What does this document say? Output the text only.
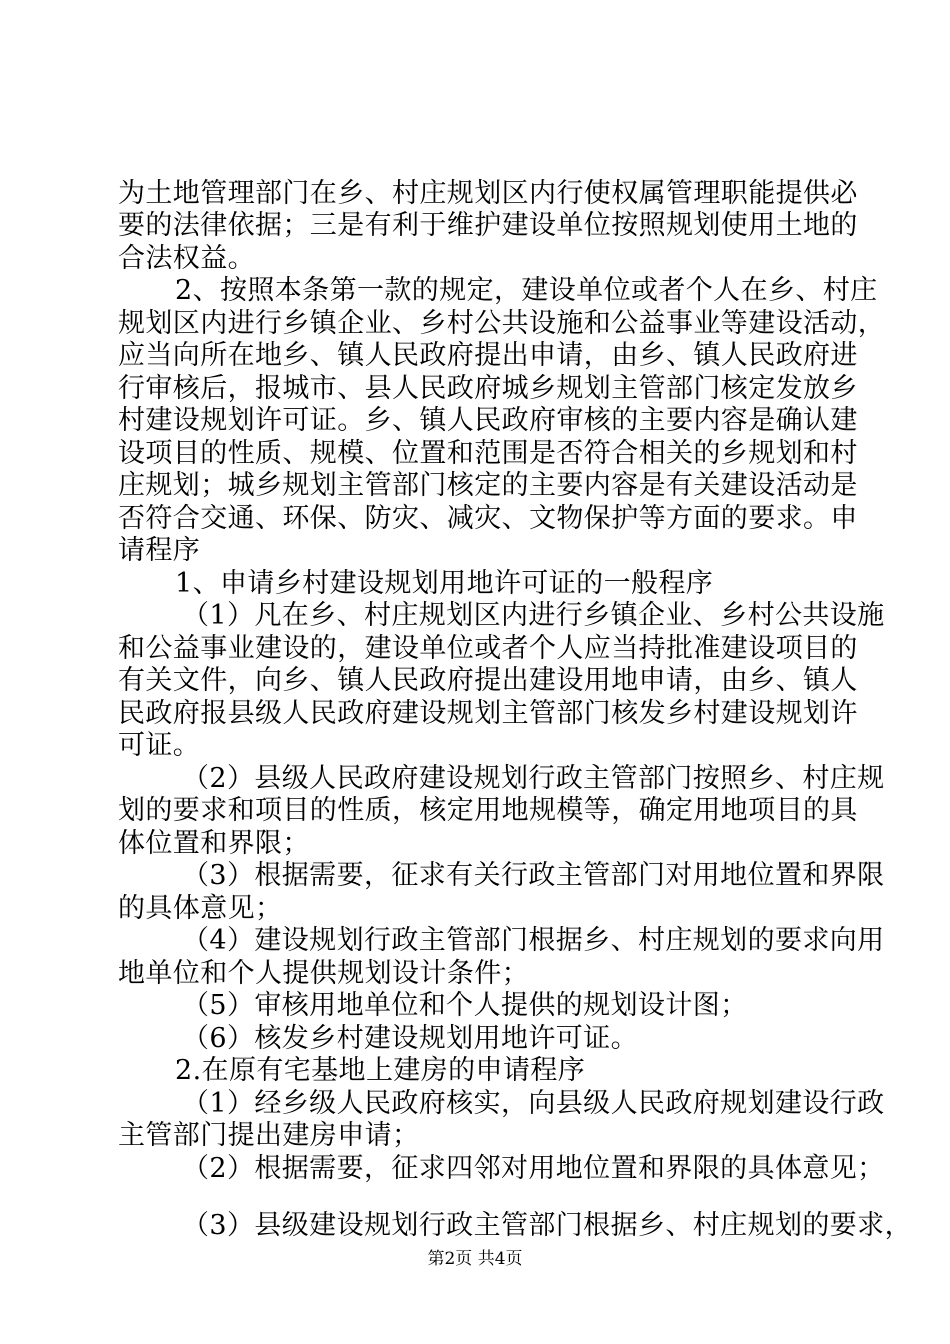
为土地管理部门在乡、村庄规划区内行使权属管理职能提供必
要的法律依据；三是有利于维护建设单位按照规划使用土地的
合法权益。
2、按照本条第一款的规定，建设单位或者个人在乡、村庄
规划区内进行乡镇企业、乡村公共设施和公益事业等建设活动，
应当向所在地乡、镇人民政府提出申请，由乡、镇人民政府进
行审核后，报城市、县人民政府城乡规划主管部门核定发放乡
村建设规划许可证。乡、镇人民政府审核的主要内容是确认建
设项目的性质、规模、位置和范围是否符合相关的乡规划和村
庄规划；城乡规划主管部门核定的主要内容是有关建设活动是
否符合交通、环保、防灾、减灾、文物保护等方面的要求。申
请程序
1、申请乡村建设规划用地许可证的一般程序
（1）凡在乡、村庄规划区内进行乡镇企业、乡村公共设施
和公益事业建设的，建设单位或者个人应当持批准建设项目的
有关文件，向乡、镇人民政府提出建设用地申请，由乡、镇人
民政府报县级人民政府建设规划主管部门核发乡村建设规划许
可证。
（2）县级人民政府建设规划行政主管部门按照乡、村庄规
划的要求和项目的性质，核定用地规模等，确定用地项目的具
体位置和界限；
（3）根据需要，征求有关行政主管部门对用地位置和界限
的具体意见；
（4）建设规划行政主管部门根据乡、村庄规划的要求向用
地单位和个人提供规划设计条件；
（5）审核用地单位和个人提供的规划设计图；
（6）核发乡村建设规划用地许可证。
2.在原有宅基地上建房的申请程序
（1）经乡级人民政府核实，向县级人民政府规划建设行政
主管部门提出建房申请；
（2）根据需要，征求四邻对用地位置和界限的具体意见；
（3）县级建设规划行政主管部门根据乡、村庄规划的要求，
第2页 共4页
